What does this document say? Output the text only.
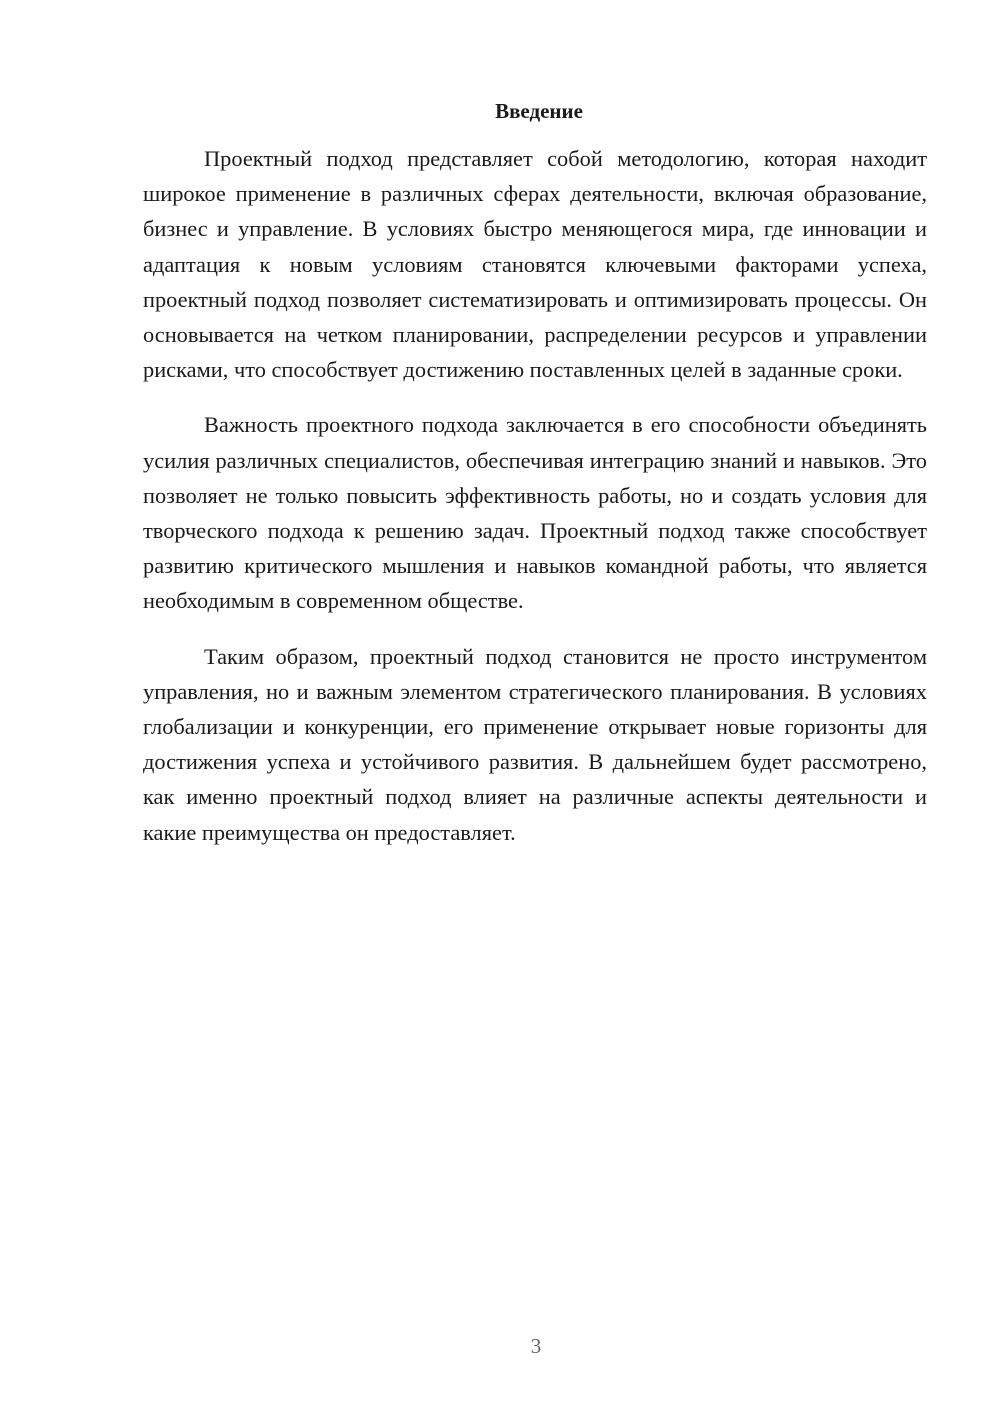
Введение

Проектный подход представляет собой методологию, которая находит широкое применение в различных сферах деятельности, включая образование, бизнес и управление. В условиях быстро меняющегося мира, где инновации и адаптация к новым условиям становятся ключевыми факторами успеха, проектный подход позволяет систематизировать и оптимизировать процессы. Он основывается на четком планировании, распределении ресурсов и управлении рисками, что способствует достижению поставленных целей в заданные сроки.

Важность проектного подхода заключается в его способности объединять усилия различных специалистов, обеспечивая интеграцию знаний и навыков. Это позволяет не только повысить эффективность работы, но и создать условия для творческого подхода к решению задач. Проектный подход также способствует развитию критического мышления и навыков командной работы, что является необходимым в современном обществе.

Таким образом, проектный подход становится не просто инструментом управления, но и важным элементом стратегического планирования. В условиях глобализации и конкуренции, его применение открывает новые горизонты для достижения успеха и устойчивого развития. В дальнейшем будет рассмотрено, как именно проектный подход влияет на различные аспекты деятельности и какие преимущества он предоставляет.

3
